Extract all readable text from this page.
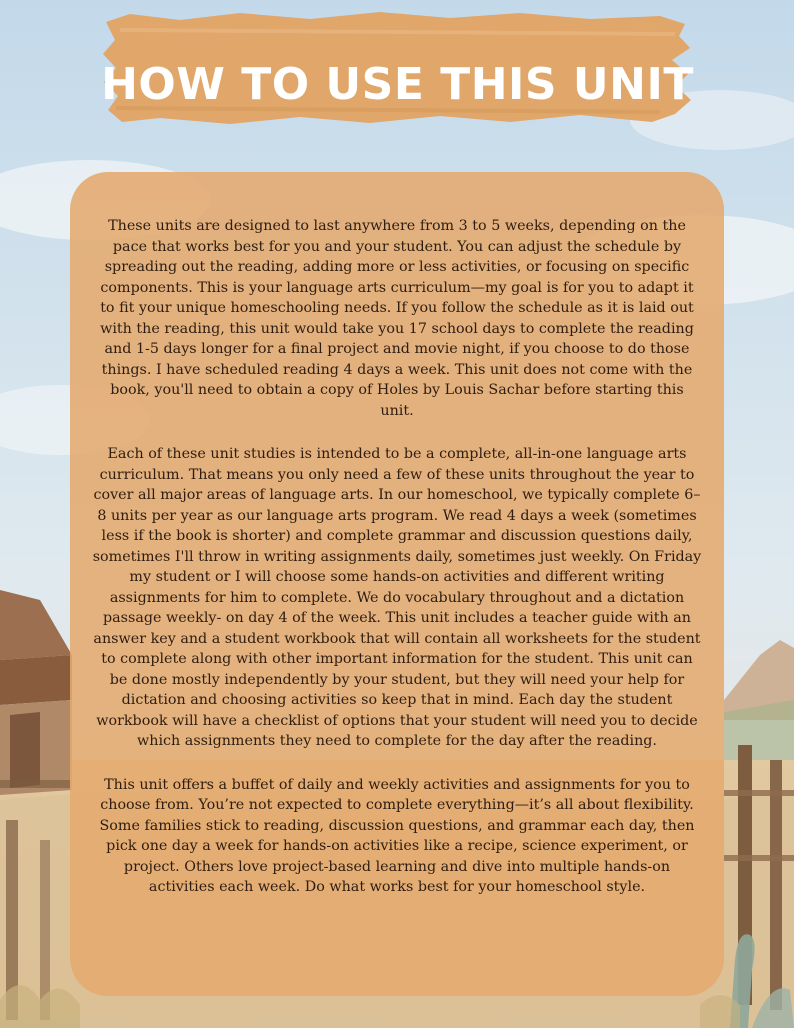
HOW TO USE THIS UNIT

These units are designed to last anywhere from 3 to 5 weeks, depending on the pace that works best for you and your student. You can adjust the schedule by spreading out the reading, adding more or less activities, or focusing on specific components. This is your language arts curriculum—my goal is for you to adapt it to fit your unique homeschooling needs. If you follow the schedule as it is laid out with the reading, this unit would take you 17 school days to complete the reading and 1-5 days longer for a final project and movie night, if you choose to do those things. I have scheduled reading 4 days a week. This unit does not come with the book, you'll need to obtain a copy of Holes by Louis Sachar before starting this unit.

Each of these unit studies is intended to be a complete, all-in-one language arts curriculum. That means you only need a few of these units throughout the year to cover all major areas of language arts. In our homeschool, we typically complete 6–8 units per year as our language arts program. We read 4 days a week (sometimes less if the book is shorter) and complete grammar and discussion questions daily, sometimes I'll throw in writing assignments daily, sometimes just weekly. On Friday my student or I will choose some hands-on activities and different writing assignments for him to complete. We do vocabulary throughout and a dictation passage weekly- on day 4 of the week. This unit includes a teacher guide with an answer key and a student workbook that will contain all worksheets for the student to complete along with other important information for the student. This unit can be done mostly independently by your student, but they will need your help for dictation and choosing activities so keep that in mind. Each day the student workbook will have a checklist of options that your student will need you to decide which assignments they need to complete for the day after the reading.

This unit offers a buffet of daily and weekly activities and assignments for you to choose from. You’re not expected to complete everything—it’s all about flexibility. Some families stick to reading, discussion questions, and grammar each day, then pick one day a week for hands-on activities like a recipe, science experiment, or project. Others love project-based learning and dive into multiple hands-on activities each week. Do what works best for your homeschool style.
